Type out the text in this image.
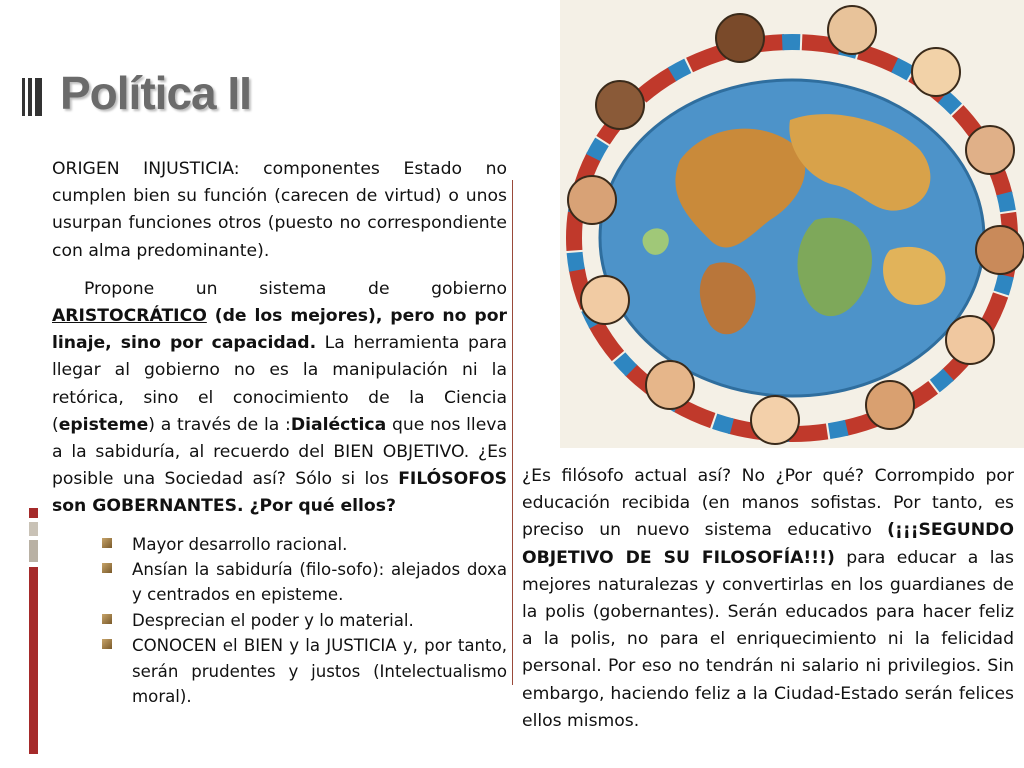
Política II

ORIGEN INJUSTICIA: componentes Estado no cumplen bien su función (carecen de virtud) o unos usurpan funciones otros (puesto no correspondiente con alma predominante).

Propone un sistema de gobierno ARISTOCRÁTICO (de los mejores), pero no por linaje, sino por capacidad. La herramienta para llegar al gobierno no es la manipulación ni la retórica, sino el conocimiento de la Ciencia (episteme) a través de la :Dialéctica que nos lleva a la sabiduría, al recuerdo del BIEN OBJETIVO. ¿Es posible una Sociedad así? Sólo si los FILÓSOFOS son GOBERNANTES. ¿Por qué ellos?

Mayor desarrollo racional.
Ansían la sabiduría (filo-sofo): alejados doxa y centrados en episteme.
Desprecian el poder y lo material.
CONOCEN el BIEN y la JUSTICIA y, por tanto, serán prudentes y justos (Intelectualismo moral).

¿Es filósofo actual así? No ¿Por qué? Corrompido por educación recibida (en manos sofistas. Por tanto, es preciso un nuevo sistema educativo (¡¡¡SEGUNDO OBJETIVO DE SU FILOSOFÍA!!!) para educar a las mejores naturalezas y convertirlas en los guardianes de la polis (gobernantes). Serán educados para hacer feliz a la polis, no para el enriquecimiento ni la felicidad personal. Por eso no tendrán ni salario ni privilegios. Sin embargo, haciendo feliz a la Ciudad-Estado serán felices ellos mismos.
